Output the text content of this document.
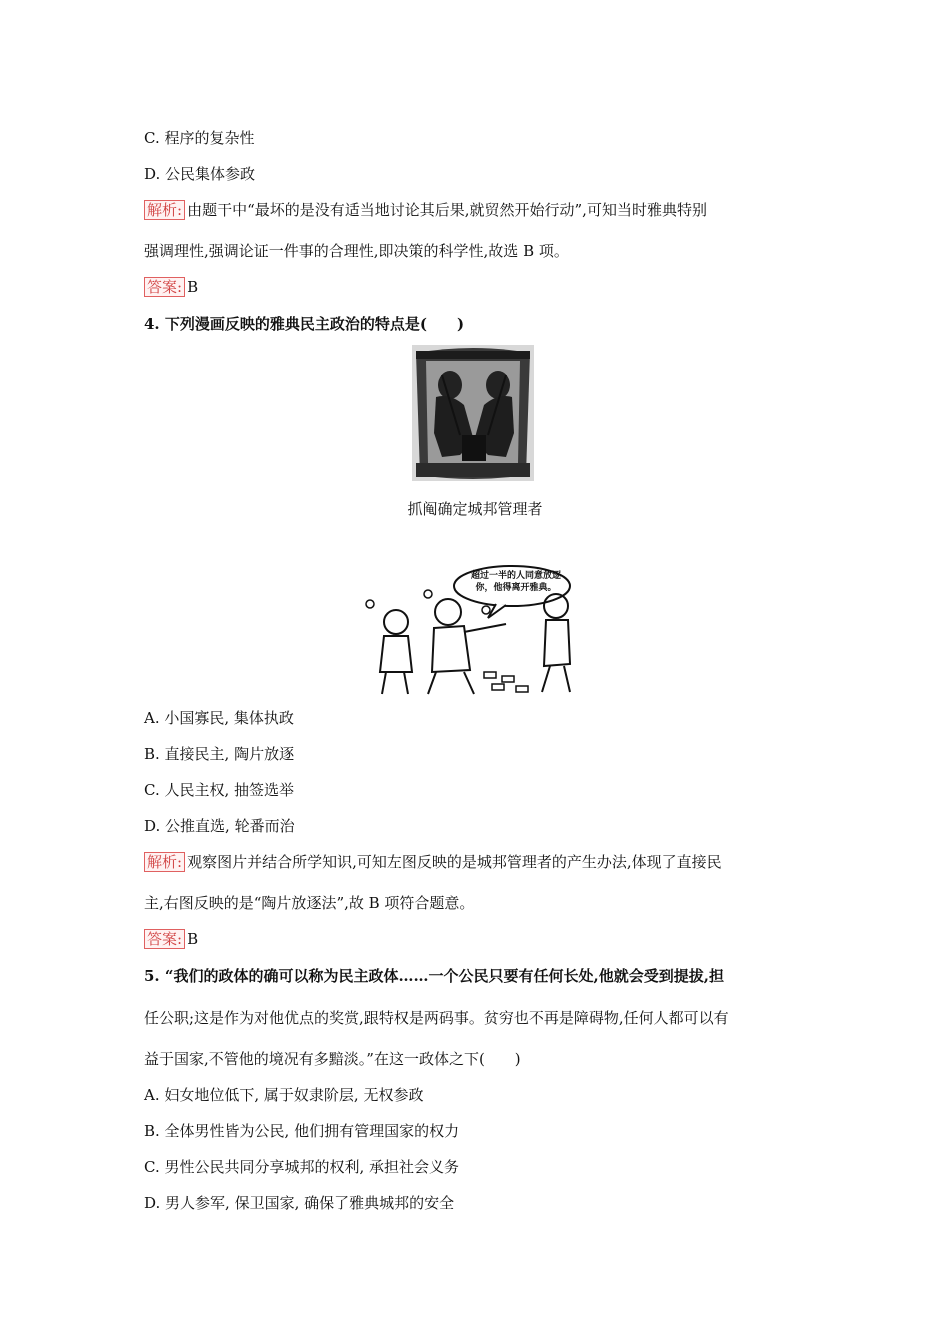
C. 程序的复杂性
D. 公民集体参政
解析: 由题干中“最坏的是没有适当地讨论其后果,就贸然开始行动”,可知当时雅典特别
强调理性,强调论证一件事的合理性,即决策的科学性,故选 B 项。
答案: B
4. 下列漫画反映的雅典民主政治的特点是(　　)
抓阄确定城邦管理者
超过一半的人同意放逐你，他得离开雅典。
A. 小国寡民, 集体执政
B. 直接民主, 陶片放逐
C. 人民主权, 抽签选举
D. 公推直选, 轮番而治
解析: 观察图片并结合所学知识,可知左图反映的是城邦管理者的产生办法,体现了直接民
主,右图反映的是“陶片放逐法”,故 B 项符合题意。
答案: B
5. “我们的政体的确可以称为民主政体……一个公民只要有任何长处,他就会受到提拔,担
任公职;这是作为对他优点的奖赏,跟特权是两码事。贫穷也不再是障碍物,任何人都可以有
益于国家,不管他的境况有多黯淡。”在这一政体之下(　　)
A. 妇女地位低下, 属于奴隶阶层, 无权参政
B. 全体男性皆为公民, 他们拥有管理国家的权力
C. 男性公民共同分享城邦的权利, 承担社会义务
D. 男人参军, 保卫国家, 确保了雅典城邦的安全
